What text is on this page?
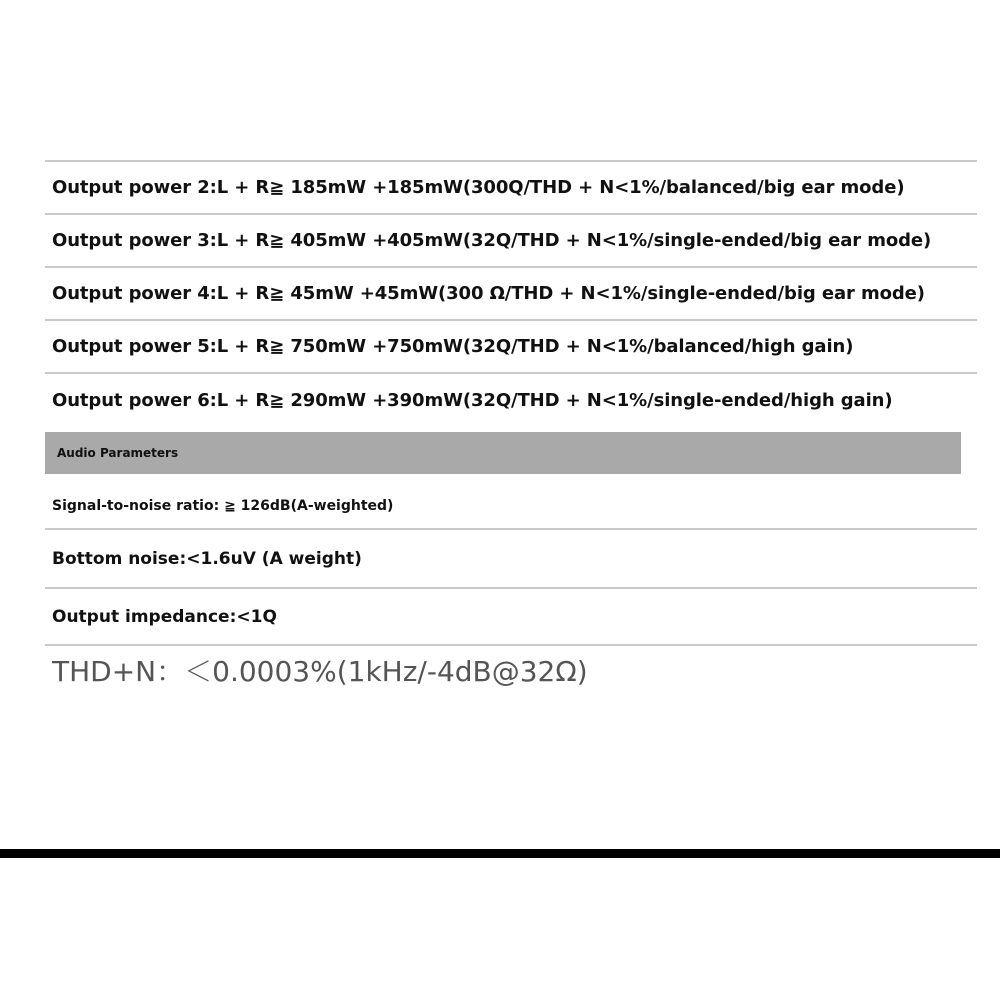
Output power 2:L + R≧ 185mW +185mW(300Q/THD + N<1%/balanced/big ear mode)
Output power 3:L + R≧ 405mW +405mW(32Q/THD + N<1%/single-ended/big ear mode)
Output power 4:L + R≧ 45mW +45mW(300 Ω/THD + N<1%/single-ended/big ear mode)
Output power 5:L + R≧ 750mW +750mW(32Q/THD + N<1%/balanced/high gain)
Output power 6:L + R≧ 290mW +390mW(32Q/THD + N<1%/single-ended/high gain)
Audio Parameters
Signal-to-noise ratio: ≧ 126dB(A-weighted)
Bottom noise:<1.6uV (A weight)
Output impedance:<1Q
THD+N：＜0.0003%(1kHz/-4dB@32Ω)
